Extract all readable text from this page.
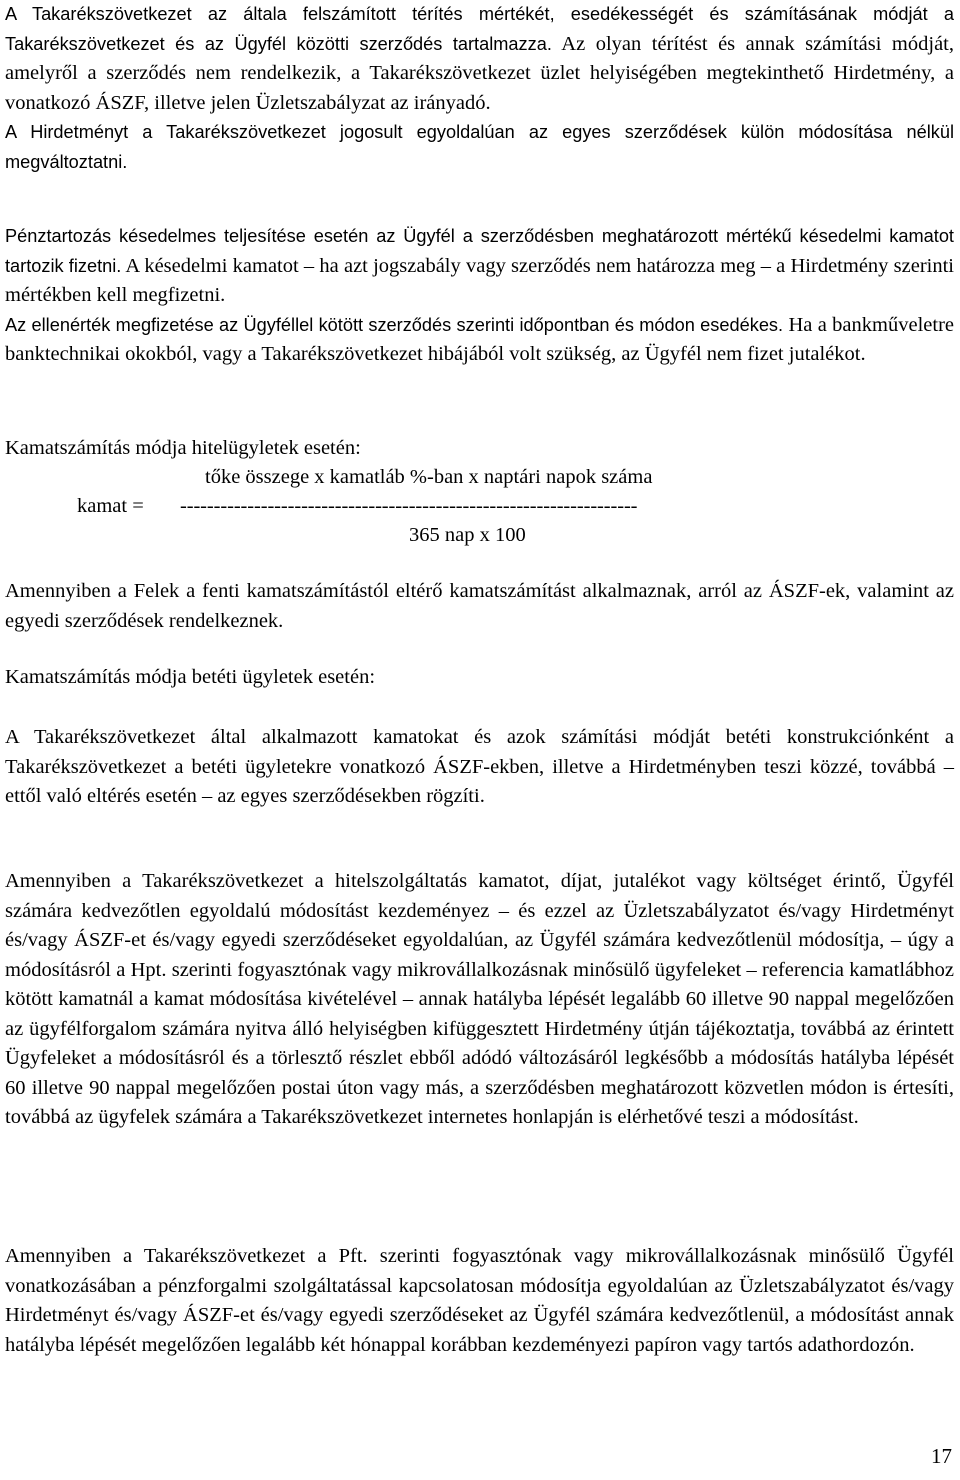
A Takarékszövetkezet az általa felszámított térítés mértékét, esedékességét és számításának módját a Takarékszövetkezet és az Ügyfél közötti szerződés tartalmazza. Az olyan térítést és annak számítási módját, amelyről a szerződés nem rendelkezik, a Takarékszövetkezet üzlet helyiségében megtekinthető Hirdetmény, a vonatkozó ÁSZF, illetve jelen Üzletszabályzat az irányadó.

A Hirdetményt a Takarékszövetkezet jogosult egyoldalúan az egyes szerződések külön módosítása nélkül megváltoztatni.

Pénztartozás késedelmes teljesítése esetén az Ügyfél a szerződésben meghatározott mértékű késedelmi kamatot tartozik fizetni. A késedelmi kamatot – ha azt jogszabály vagy szerződés nem határozza meg – a Hirdetmény szerinti mértékben kell megfizetni.

Az ellenérték megfizetése az Ügyféllel kötött szerződés szerinti időpontban és módon esedékes. Ha a bankműveletre banktechnikai okokból, vagy a Takarékszövetkezet hibájából volt szükség, az Ügyfél nem fizet jutalékot.

Kamatszámítás módja hitelügyletek esetén:
tőke összege x kamatláb %-ban x naptári napok száma
kamat = --------------------------------------------------------------------
365 nap x 100

Amennyiben a Felek a fenti kamatszámítástól eltérő kamatszámítást alkalmaznak, arról az ÁSZF-ek, valamint az egyedi szerződések rendelkeznek.

Kamatszámítás módja betéti ügyletek esetén:

A Takarékszövetkezet által alkalmazott kamatokat és azok számítási módját betéti konstrukciónként a Takarékszövetkezet a betéti ügyletekre vonatkozó ÁSZF-ekben, illetve a Hirdetményben teszi közzé, továbbá – ettől való eltérés esetén – az egyes szerződésekben rögzíti.

Amennyiben a Takarékszövetkezet a hitelszolgáltatás kamatot, díjat, jutalékot vagy költséget érintő, Ügyfél számára kedvezőtlen egyoldalú módosítást kezdeményez – és ezzel az Üzletszabályzatot és/vagy Hirdetményt és/vagy ÁSZF-et és/vagy egyedi szerződéseket egyoldalúan, az Ügyfél számára kedvezőtlenül módosítja, – úgy a módosításról a Hpt. szerinti fogyasztónak vagy mikrovállalkozásnak minősülő ügyfeleket – referencia kamatlábhoz kötött kamatnál a kamat módosítása kivételével – annak hatályba lépését legalább 60 illetve 90 nappal megelőzően az ügyfélforgalom számára nyitva álló helyiségben kifüggesztett Hirdetmény útján tájékoztatja, továbbá az érintett Ügyfeleket a módosításról és a törlesztő részlet ebből adódó változásáról legkésőbb a módosítás hatályba lépését 60 illetve 90 nappal megelőzően postai úton vagy más, a szerződésben meghatározott közvetlen módon is értesíti, továbbá az ügyfelek számára a Takarékszövetkezet internetes honlapján is elérhetővé teszi a módosítást.

Amennyiben a Takarékszövetkezet a Pft. szerinti fogyasztónak vagy mikrovállalkozásnak minősülő Ügyfél vonatkozásában a pénzforgalmi szolgáltatással kapcsolatosan módosítja egyoldalúan az Üzletszabályzatot és/vagy Hirdetményt és/vagy ÁSZF-et és/vagy egyedi szerződéseket az Ügyfél számára kedvezőtlenül, a módosítást annak hatályba lépését megelőzően legalább két hónappal korábban kezdeményezi papíron vagy tartós adathordozón.

17
